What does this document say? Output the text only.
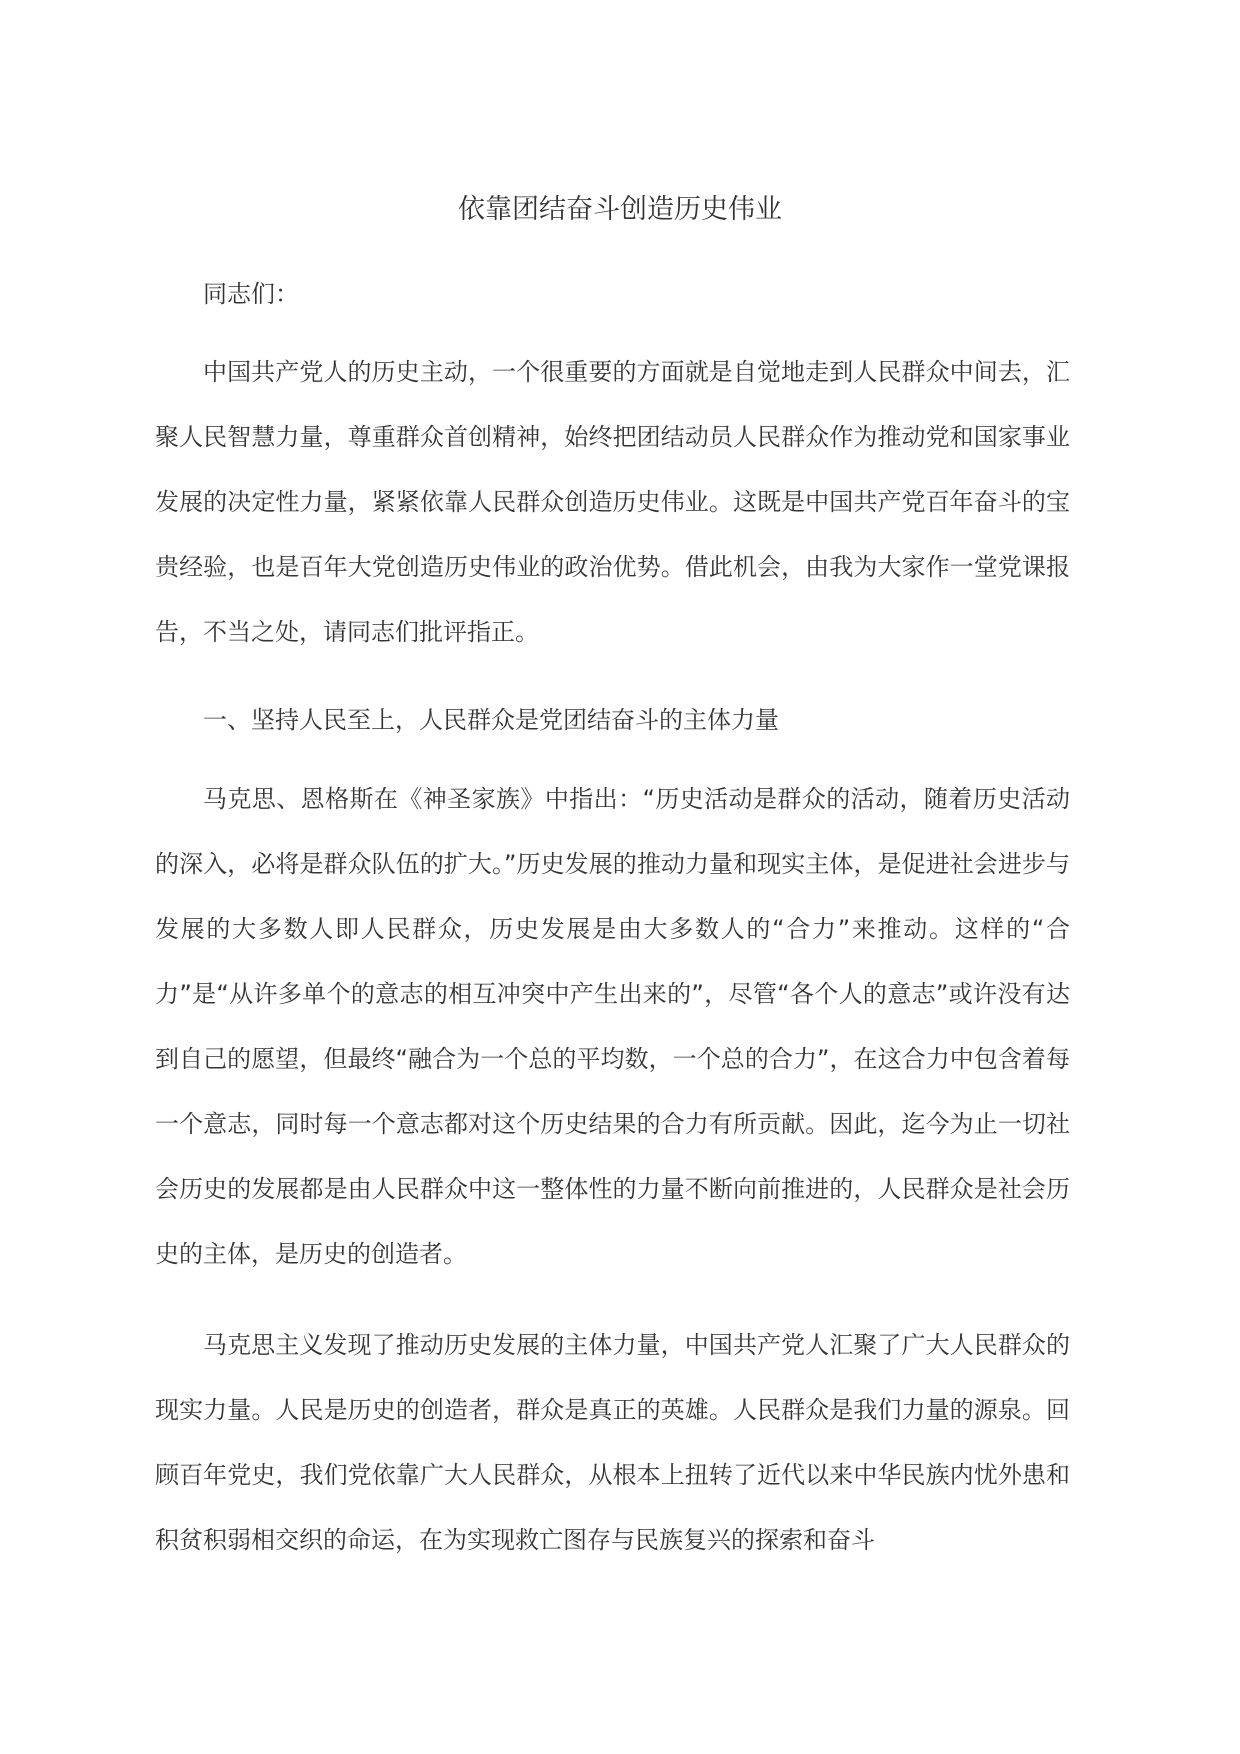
依靠团结奋斗创造历史伟业

同志们：

中国共产党人的历史主动，一个很重要的方面就是自觉地走到人民群众中间去，汇聚人民智慧力量，尊重群众首创精神，始终把团结动员人民群众作为推动党和国家事业发展的决定性力量，紧紧依靠人民群众创造历史伟业。这既是中国共产党百年奋斗的宝贵经验，也是百年大党创造历史伟业的政治优势。借此机会，由我为大家作一堂党课报告，不当之处，请同志们批评指正。

一、坚持人民至上，人民群众是党团结奋斗的主体力量

马克思、恩格斯在《神圣家族》中指出：“历史活动是群众的活动，随着历史活动的深入，必将是群众队伍的扩大。”历史发展的推动力量和现实主体，是促进社会进步与发展的大多数人即人民群众，历史发展是由大多数人的“合力”来推动。这样的“合力”是“从许多单个的意志的相互冲突中产生出来的”，尽管“各个人的意志”或许没有达到自己的愿望，但最终“融合为一个总的平均数，一个总的合力”，在这合力中包含着每一个意志，同时每一个意志都对这个历史结果的合力有所贡献。因此，迄今为止一切社会历史的发展都是由人民群众中这一整体性的力量不断向前推进的，人民群众是社会历史的主体，是历史的创造者。

马克思主义发现了推动历史发展的主体力量，中国共产党人汇聚了广大人民群众的现实力量。人民是历史的创造者，群众是真正的英雄。人民群众是我们力量的源泉。回顾百年党史，我们党依靠广大人民群众，从根本上扭转了近代以来中华民族内忧外患和积贫积弱相交织的命运，在为实现救亡图存与民族复兴的探索和奋斗
